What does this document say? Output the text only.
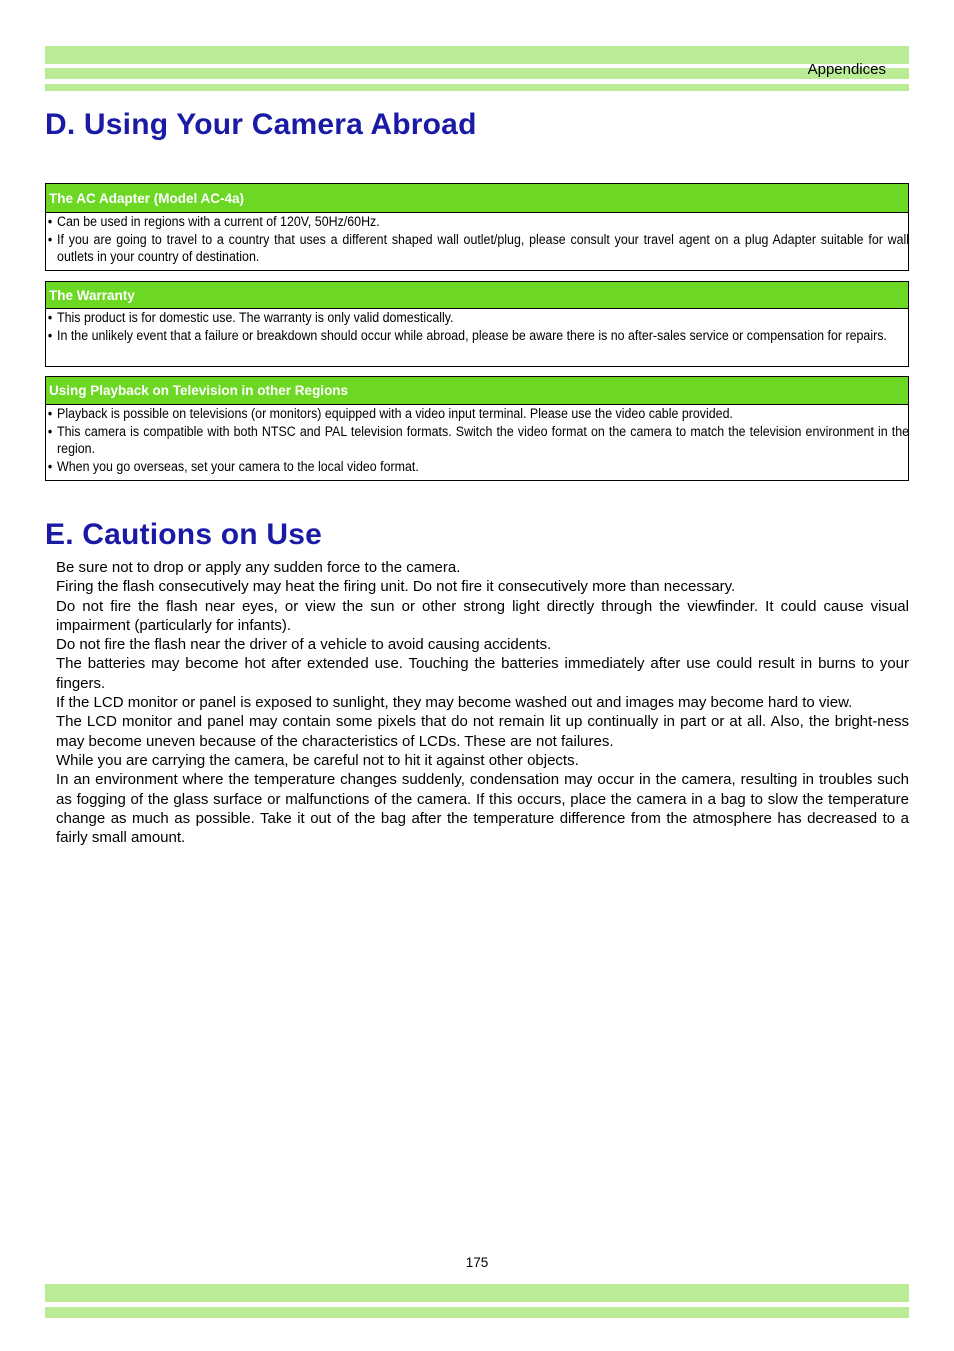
Appendices
D. Using Your Camera Abroad
The AC Adapter (Model AC-4a)
• Can be used in regions with a current of 120V, 50Hz/60Hz.
• If you are going to travel to a country that uses a different shaped wall outlet/plug, please consult your travel agent on a plug Adapter suitable for wall outlets in your country of destination.
The Warranty
• This product is for domestic use. The warranty is only valid domestically.
• In the unlikely event that a failure or breakdown should occur while abroad, please be aware there is no after-sales service or compensation for repairs.
Using Playback on Television in other Regions
• Playback is possible on televisions (or monitors) equipped with a video input terminal. Please use the video cable provided.
• This camera is compatible with both NTSC and PAL television formats. Switch the video format on the camera to match the television environment in the region.
• When you go overseas, set your camera to the local video format.
E. Cautions on Use

Be sure not to drop or apply any sudden force to the camera.

Firing the flash consecutively may heat the firing unit. Do not fire it consecutively more than necessary.

Do not fire the flash near eyes, or view the sun or other strong light directly through the viewfinder. It could cause visual impairment (particularly for infants).

Do not fire the flash near the driver of a vehicle to avoid causing accidents.

The batteries may become hot after extended use. Touching the batteries immediately after use could result in burns to your fingers.

If the LCD monitor or panel is exposed to sunlight, they may become washed out and images may become hard to view.

The LCD monitor and panel may contain some pixels that do not remain lit up continually in part or at all. Also, the bright-ness may become uneven because of the characteristics of LCDs. These are not failures.

While you are carrying the camera, be careful not to hit it against other objects.

In an environment where the temperature changes suddenly, condensation may occur in the camera, resulting in troubles such as fogging of the glass surface or malfunctions of the camera. If this occurs, place the camera in a bag to slow the temperature change as much as possible. Take it out of the bag after the temperature difference from the atmosphere has decreased to a fairly small amount.

175
